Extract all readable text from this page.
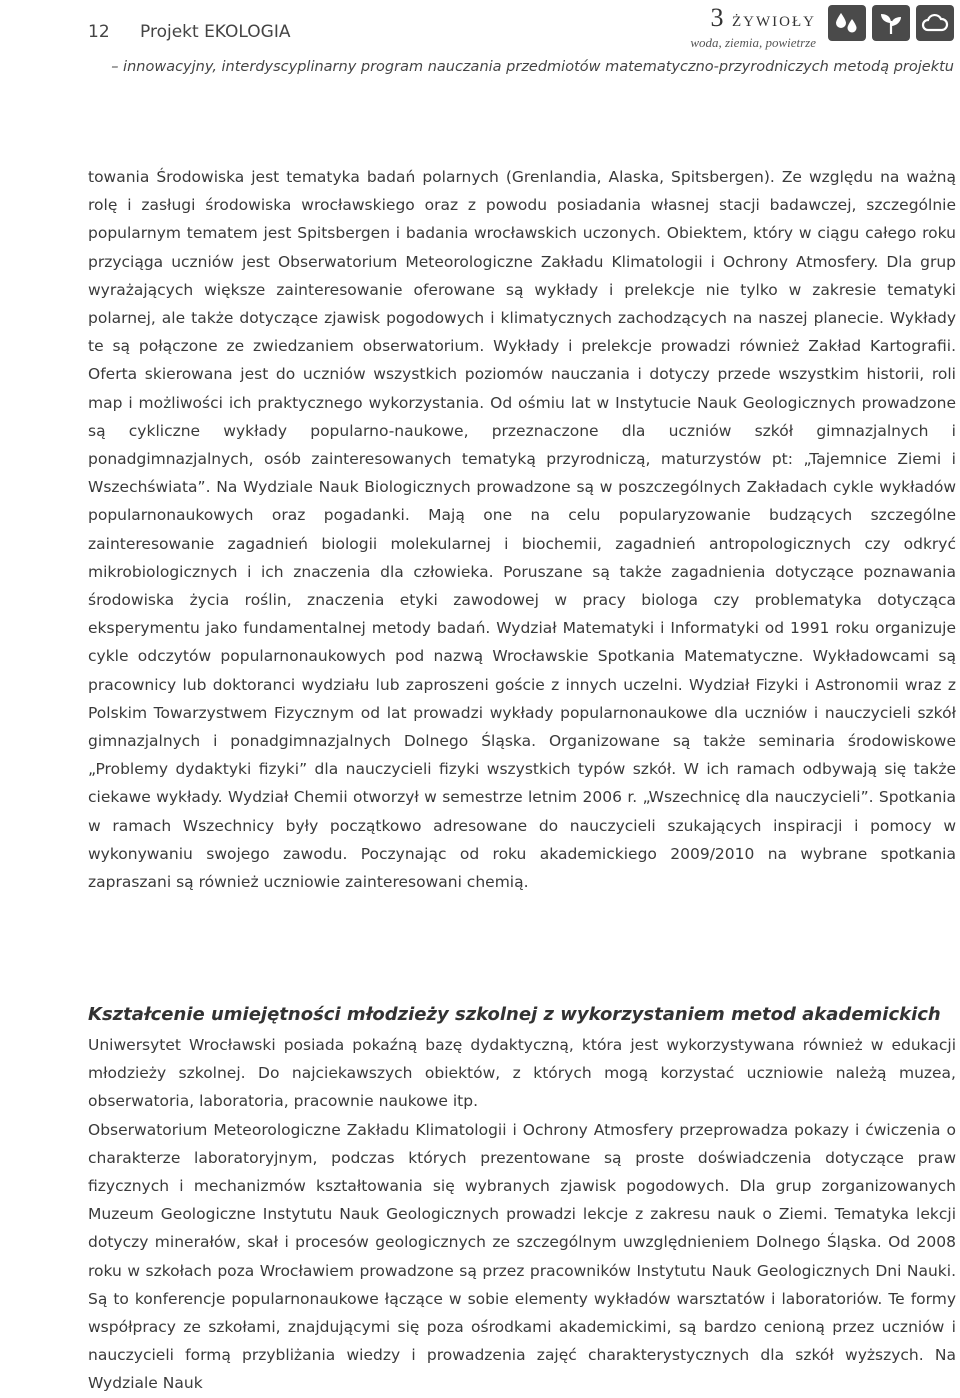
12 Projekt EKOLOGIA	3 ŻYWIOŁY
woda, ziemia, powietrze
– innowacyjny, interdyscyplinarny program nauczania przedmiotów matematyczno-przyrodniczych metodą projektu

towania Środowiska jest tematyka badań polarnych (Grenlandia, Alaska, Spitsbergen). Ze względu na ważną rolę i zasługi środowiska wrocławskiego oraz z powodu posiadania własnej stacji badawczej, szczególnie popularnym tematem jest Spitsbergen i badania wrocławskich uczonych. Obiektem, który w ciągu całego roku przyciąga uczniów jest Obserwatorium Meteorologiczne Zakładu Klimatologii i Ochrony Atmosfery. Dla grup wyrażających większe zainteresowanie oferowane są wykłady i prelekcje nie tylko w zakresie tematyki polarnej, ale także dotyczące zjawisk pogodowych i klimatycznych zachodzących na naszej planecie. Wykłady te są połączone ze zwiedzaniem obserwatorium. Wykłady i prelekcje prowadzi również Zakład Kartografii. Oferta skierowana jest do uczniów wszystkich poziomów nauczania i dotyczy przede wszystkim historii, roli map i możliwości ich praktycznego wykorzystania. Od ośmiu lat w Instytucie Nauk Geologicznych prowadzone są cykliczne wykłady popularno-naukowe, przeznaczone dla uczniów szkół gimnazjalnych i ponadgimnazjalnych, osób zainteresowanych tematyką przyrodniczą, maturzystów pt: „Tajemnice Ziemi i Wszechświata”. Na Wydziale Nauk Biologicznych prowadzone są w poszczególnych Zakładach cykle wykładów popularnonaukowych oraz pogadanki. Mają one na celu popularyzowanie budzących szczególne zainteresowanie zagadnień biologii molekularnej i biochemii, zagadnień antropologicznych czy odkryć mikrobiologicznych i ich znaczenia dla człowieka. Poruszane są także zagadnienia dotyczące poznawania środowiska życia roślin, znaczenia etyki zawodowej w pracy biologa czy problematyka dotycząca eksperymentu jako fundamentalnej metody badań. Wydział Matematyki i Informatyki od 1991 roku organizuje cykle odczytów popularnonaukowych pod nazwą Wrocławskie Spotkania Matematyczne. Wykładowcami są pracownicy lub doktoranci wydziału lub zaproszeni goście z innych uczelni. Wydział Fizyki i Astronomii wraz z Polskim Towarzystwem Fizycznym od lat prowadzi wykłady popularnonaukowe dla uczniów i nauczycieli szkół gimnazjalnych i ponadgimnazjalnych Dolnego Śląska. Organizowane są także seminaria środowiskowe „Problemy dydaktyki fizyki” dla nauczycieli fizyki wszystkich typów szkół. W ich ramach odbywają się także ciekawe wykłady. Wydział Chemii otworzył w semestrze letnim 2006 r. „Wszechnicę dla nauczycieli”. Spotkania w ramach Wszechnicy były początkowo adresowane do nauczycieli szukających inspiracji i pomocy w wykonywaniu swojego zawodu. Poczynając od roku akademickiego 2009/2010 na wybrane spotkania zapraszani są również uczniowie zainteresowani chemią.

Kształcenie umiejętności młodzieży szkolnej z wykorzystaniem metod akademickich

Uniwersytet Wrocławski posiada pokaźną bazę dydaktyczną, która jest wykorzystywana również w edukacji młodzieży szkolnej. Do najciekawszych obiektów, z których mogą korzystać uczniowie należą muzea, obserwatoria, laboratoria, pracownie naukowe itp.

Obserwatorium Meteorologiczne Zakładu Klimatologii i Ochrony Atmosfery przeprowadza pokazy i ćwiczenia o charakterze laboratoryjnym, podczas których prezentowane są proste doświadczenia dotyczące praw fizycznych i mechanizmów kształtowania się wybranych zjawisk pogodowych. Dla grup zorganizowanych Muzeum Geologiczne Instytutu Nauk Geologicznych prowadzi lekcje z zakresu nauk o Ziemi. Tematyka lekcji dotyczy minerałów, skał i procesów geologicznych ze szczególnym uwzględnieniem Dolnego Śląska. Od 2008 roku w szkołach poza Wrocławiem prowadzone są przez pracowników Instytutu Nauk Geologicznych Dni Nauki. Są to konferencje popularnonaukowe łączące w sobie elementy wykładów warsztatów i laboratoriów. Te formy współpracy ze szkołami, znajdującymi się poza ośrodkami akademickimi, są bardzo cenioną przez uczniów i nauczycieli formą przybliżania wiedzy i prowadzenia zajęć charakterystycznych dla szkół wyższych. Na Wydziale Nauk
